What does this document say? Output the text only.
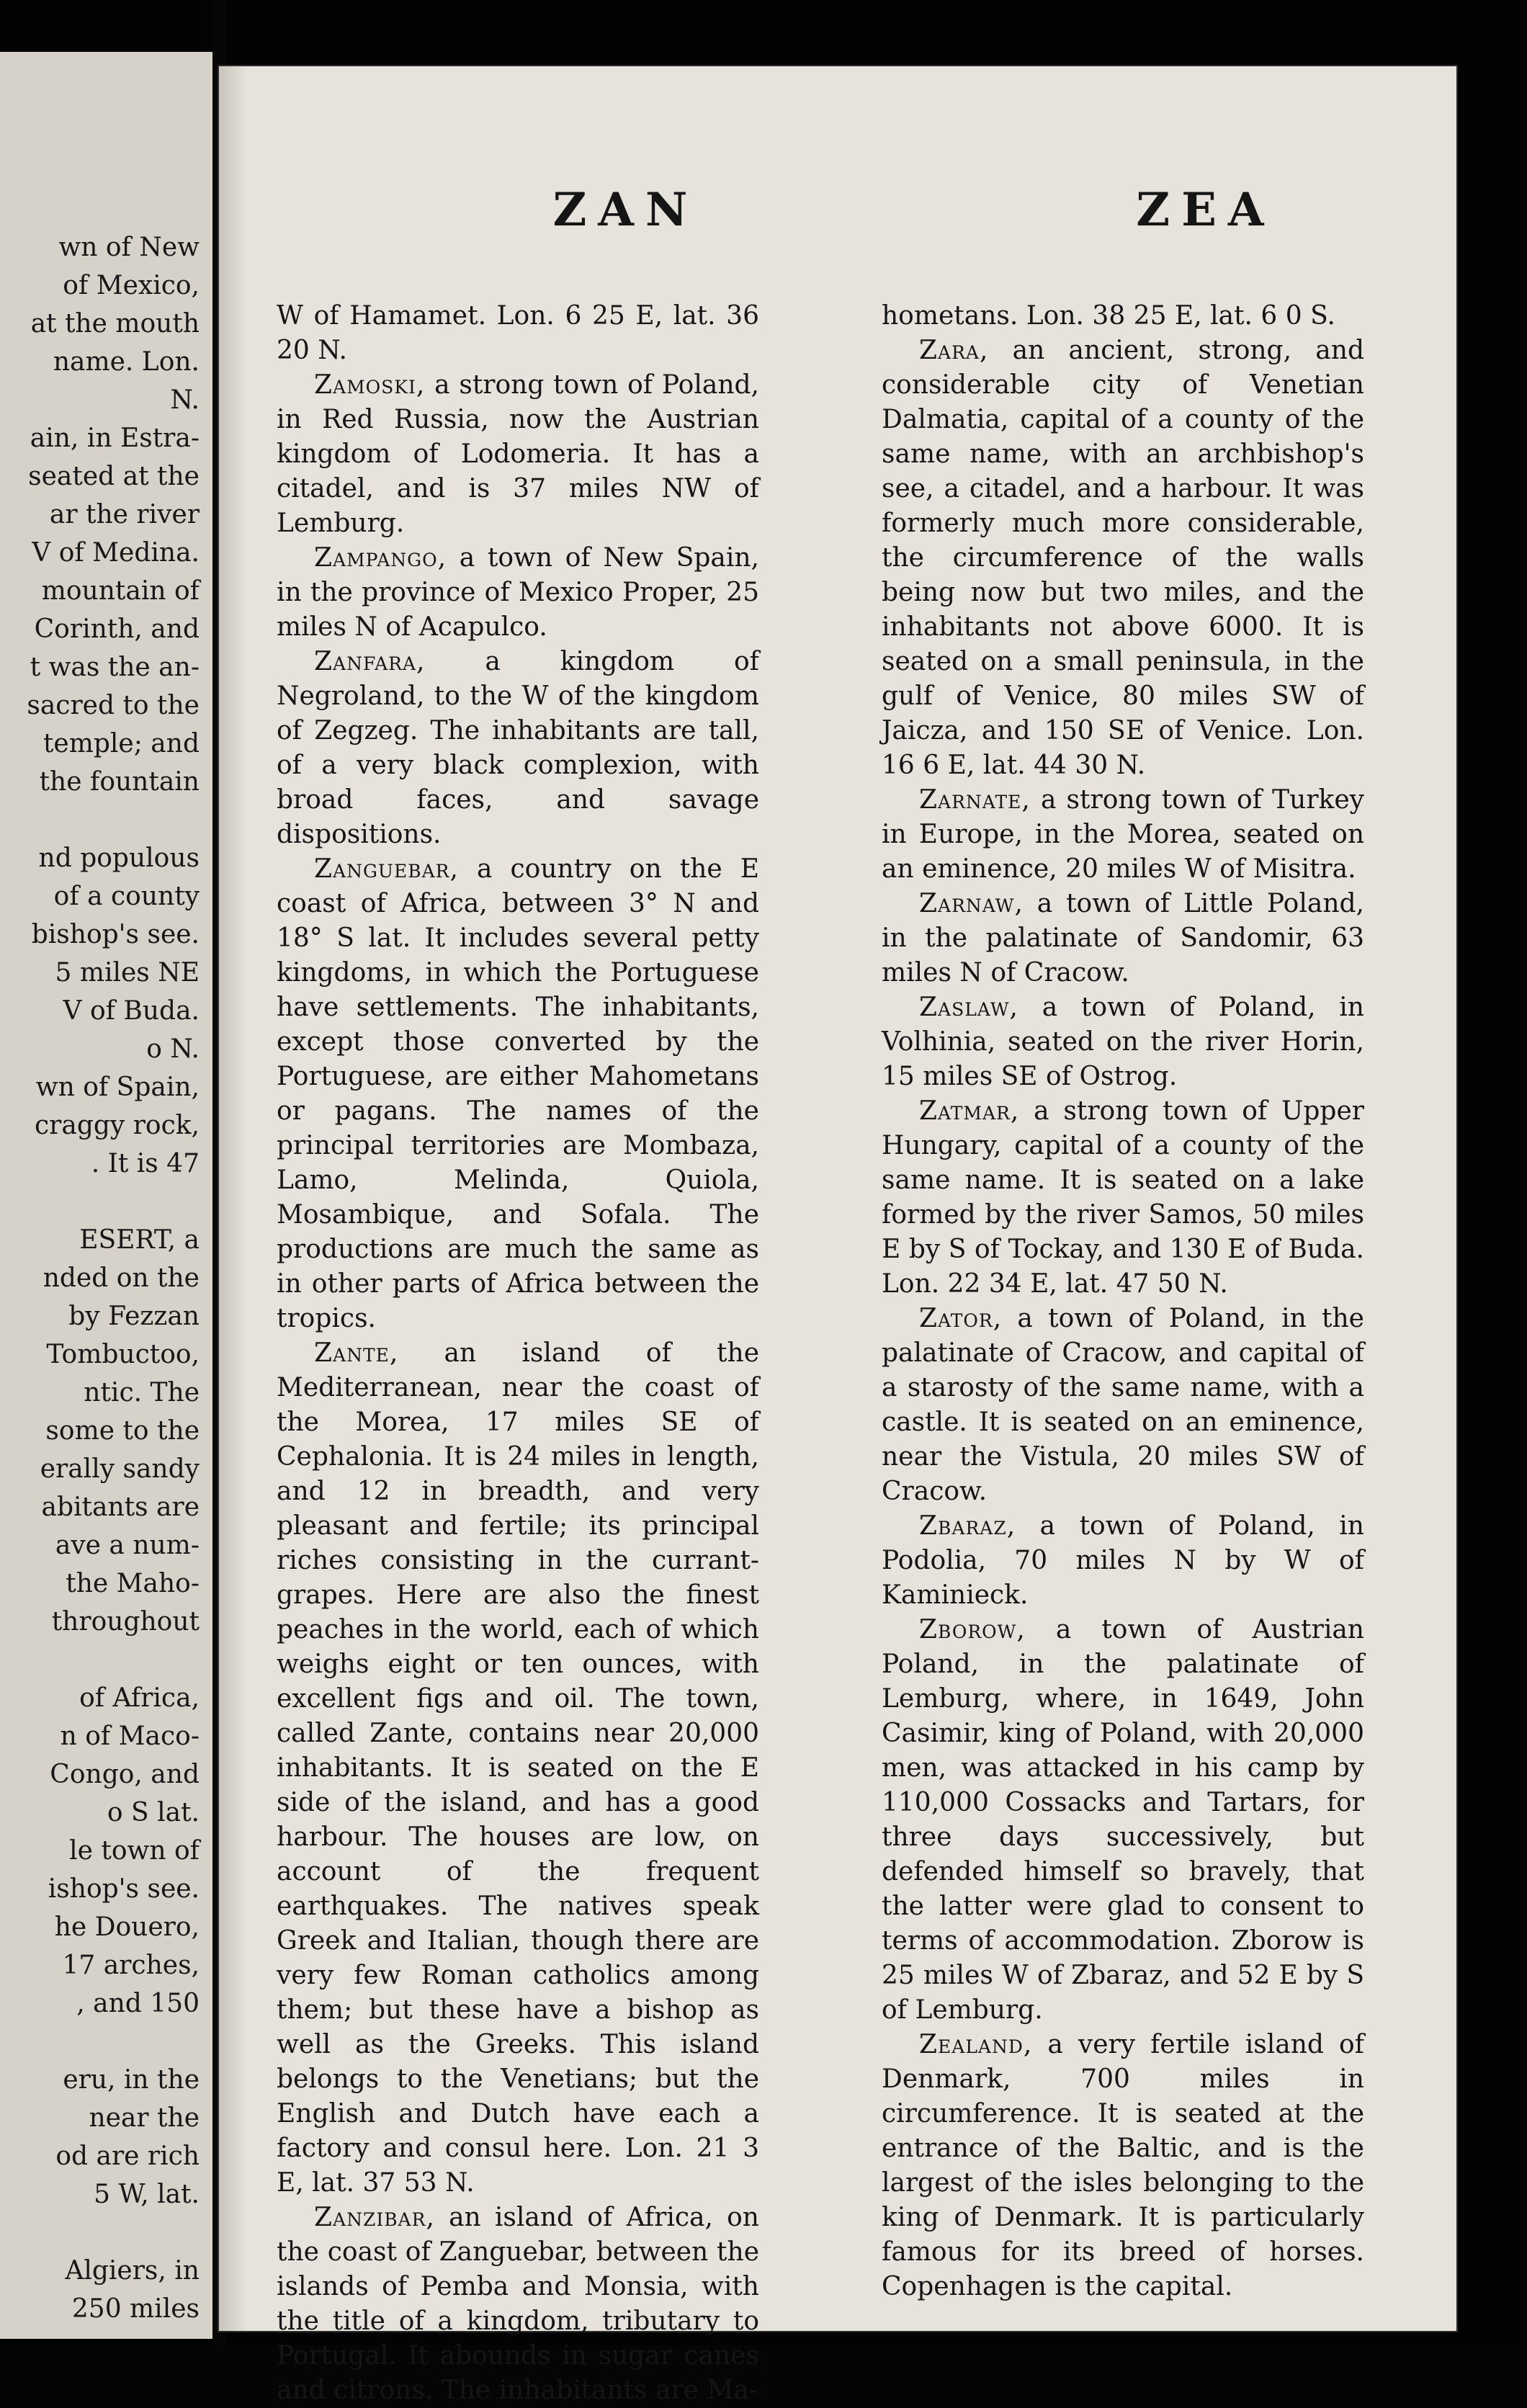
wn of New
of Mexico,
at the mouth
name. Lon.
N.
ain, in Estra-
seated at the
ar the river
V of Medina.
mountain of
Corinth, and
t was the an-
sacred to the
temple; and
the fountain
nd populous
of a county
bishop's see.
5 miles NE
V of Buda.
o N.
wn of Spain,
craggy rock,
. It is 47
ESERT, a
nded on the
by Fezzan
Tombuctoo,
ntic. The
some to the
erally sandy
abitants are
ave a num-
the Maho-
throughout
of Africa,
n of Maco-
Congo, and
o S lat.
le town of
ishop's see.
he Douero,
17 arches,
, and 150
eru, in the
near the
od are rich
5 W, lat.
Algiers, in
250 miles
ZAN	ZEA

W of Hamamet. Lon. 6 25 E, lat. 36 20 N.

Zamoski, a strong town of Poland, in Red Russia, now the Austrian kingdom of Lodomeria. It has a citadel, and is 37 miles NW of Lemburg.

Zampango, a town of New Spain, in the province of Mexico Proper, 25 miles N of Acapulco.

Zanfara, a kingdom of Negroland, to the W of the kingdom of Zegzeg. The inhabitants are tall, of a very black complexion, with broad faces, and savage dispositions.

Zanguebar, a country on the E coast of Africa, between 3° N and 18° S lat. It includes several petty kingdoms, in which the Portuguese have settlements. The inhabitants, except those converted by the Portuguese, are either Mahometans or pagans. The names of the principal territories are Mombaza, Lamo, Melinda, Quiola, Mosambique, and Sofala. The productions are much the same as in other parts of Africa between the tropics.

Zante, an island of the Mediterranean, near the coast of the Morea, 17 miles SE of Cephalonia. It is 24 miles in length, and 12 in breadth, and very pleasant and fertile; its principal riches consisting in the currant-grapes. Here are also the finest peaches in the world, each of which weighs eight or ten ounces, with excellent figs and oil. The town, called Zante, contains near 20,000 inhabitants. It is seated on the E side of the island, and has a good harbour. The houses are low, on account of the frequent earthquakes. The natives speak Greek and Italian, though there are very few Roman catholics among them; but these have a bishop as well as the Greeks. This island belongs to the Venetians; but the English and Dutch have each a factory and consul here. Lon. 21 3 E, lat. 37 53 N.

Zanzibar, an island of Africa, on the coast of Zanguebar, between the islands of Pemba and Monsia, with the title of a kingdom, tributary to Portugal. It abounds in sugar canes and citrons. The inhabitants are Ma-

hometans. Lon. 38 25 E, lat. 6 0 S.

Zara, an ancient, strong, and considerable city of Venetian Dalmatia, capital of a county of the same name, with an archbishop's see, a citadel, and a harbour. It was formerly much more considerable, the circumference of the walls being now but two miles, and the inhabitants not above 6000. It is seated on a small peninsula, in the gulf of Venice, 80 miles SW of Jaicza, and 150 SE of Venice. Lon. 16 6 E, lat. 44 30 N.

Zarnate, a strong town of Turkey in Europe, in the Morea, seated on an eminence, 20 miles W of Misitra.

Zarnaw, a town of Little Poland, in the palatinate of Sandomir, 63 miles N of Cracow.

Zaslaw, a town of Poland, in Volhinia, seated on the river Horin, 15 miles SE of Ostrog.

Zatmar, a strong town of Upper Hungary, capital of a county of the same name. It is seated on a lake formed by the river Samos, 50 miles E by S of Tockay, and 130 E of Buda. Lon. 22 34 E, lat. 47 50 N.

Zator, a town of Poland, in the palatinate of Cracow, and capital of a starosty of the same name, with a castle. It is seated on an eminence, near the Vistula, 20 miles SW of Cracow.

Zbaraz, a town of Poland, in Podolia, 70 miles N by W of Kaminieck.

Zborow, a town of Austrian Poland, in the palatinate of Lemburg, where, in 1649, John Casimir, king of Poland, with 20,000 men, was attacked in his camp by 110,000 Cossacks and Tartars, for three days successively, but defended himself so bravely, that the latter were glad to consent to terms of accommodation. Zborow is 25 miles W of Zbaraz, and 52 E by S of Lemburg.

Zealand, a very fertile island of Denmark, 700 miles in circumference. It is seated at the entrance of the Baltic, and is the largest of the isles belonging to the king of Denmark. It is particularly famous for its breed of horses. Copenhagen is the capital.
